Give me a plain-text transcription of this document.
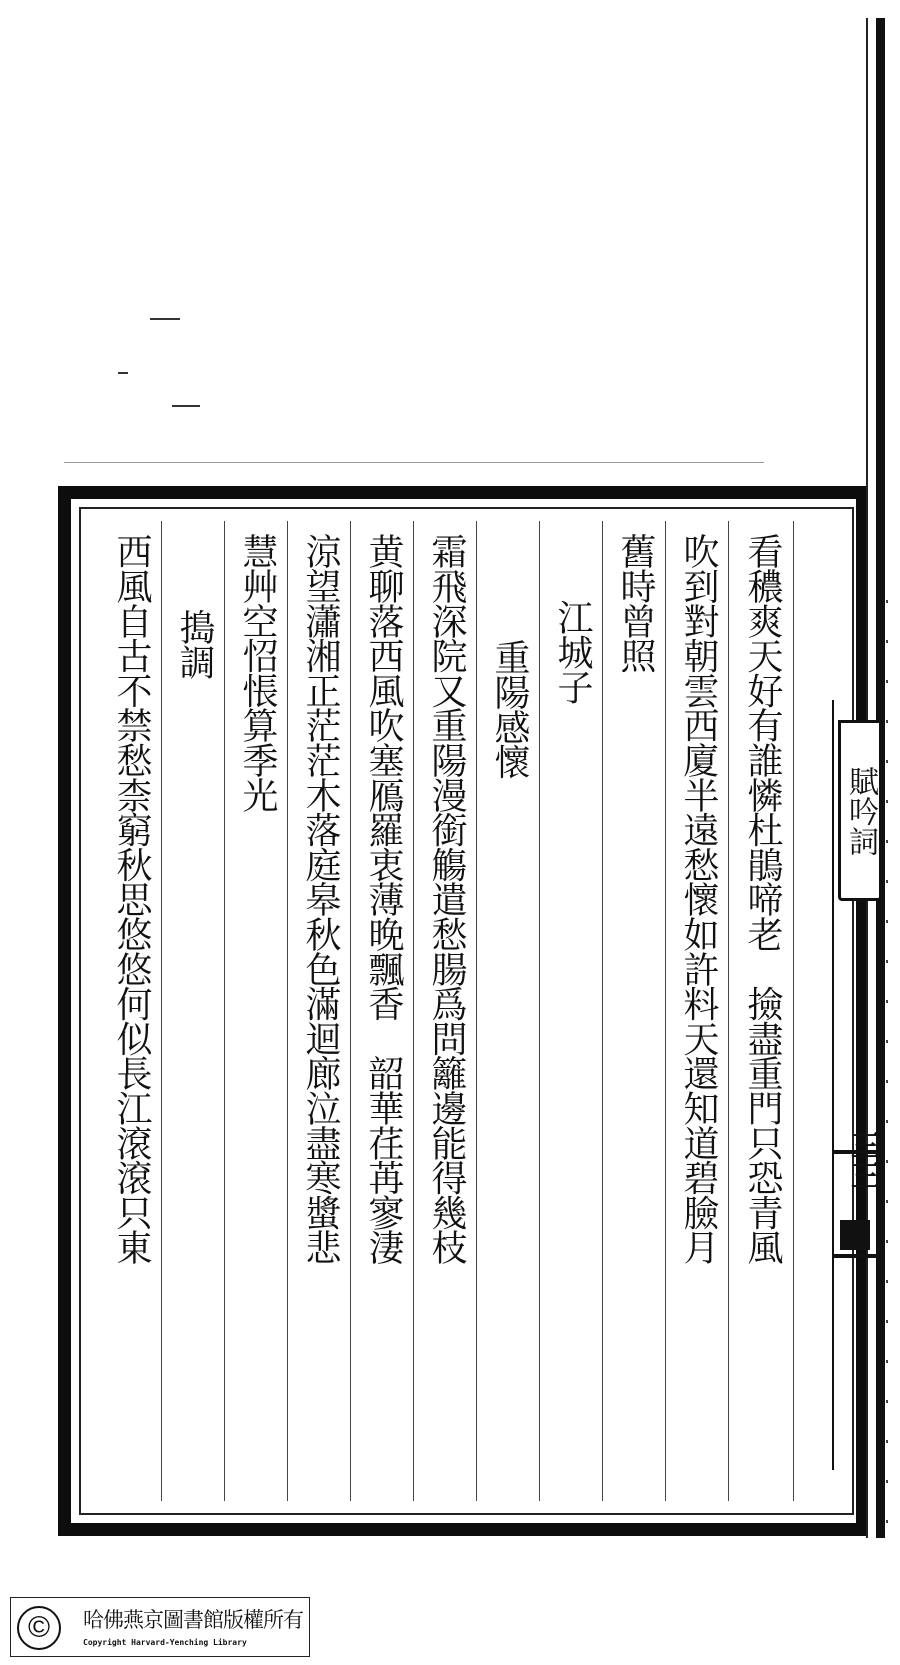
看穠爽天好有誰憐杜鵑啼老　撿盡重門只恐青風
吹到對朝雲西廈半遠愁懷如許料天還知道碧臉月
舊時曾照
江城子
重陽感懷
霜飛深院又重陽漫銜觴遣愁腸爲問籬邊能得幾枝
黄聊落西風吹塞鴈羅衷薄晚飄香　韶華荏苒寥淒
涼望瀟湘正茫茫木落庭皋秋色滿迴廊泣盡寒螿悲
慧艸空怊悵算季光
搗調
西風自古不禁愁柰窮秋思悠悠何似長江滾滾只東	賦吟詞
三三
©	哈佛燕京圖書館版權所有
Copyright Harvard-Yenching Library
